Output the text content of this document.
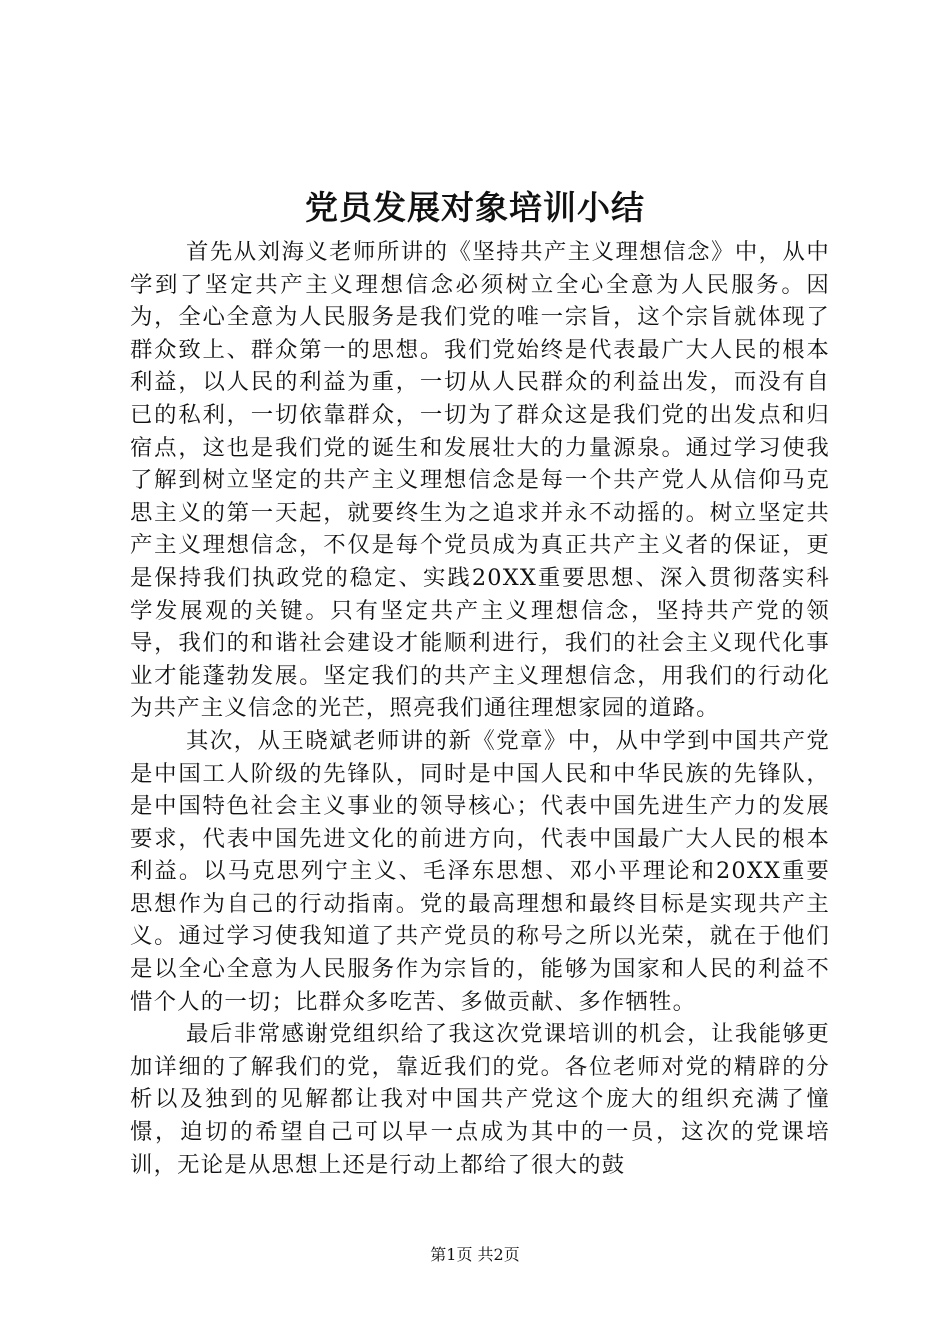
党员发展对象培训小结

首先从刘海义老师所讲的《坚持共产主义理想信念》中，从中学到了坚定共产主义理想信念必须树立全心全意为人民服务。因为，全心全意为人民服务是我们党的唯一宗旨，这个宗旨就体现了群众致上、群众第一的思想。我们党始终是代表最广大人民的根本利益，以人民的利益为重，一切从人民群众的利益出发，而没有自已的私利，一切依靠群众，一切为了群众这是我们党的出发点和归宿点，这也是我们党的诞生和发展壮大的力量源泉。通过学习使我了解到树立坚定的共产主义理想信念是每一个共产党人从信仰马克思主义的第一天起，就要终生为之追求并永不动摇的。树立坚定共产主义理想信念，不仅是每个党员成为真正共产主义者的保证，更是保持我们执政党的稳定、实践20XX重要思想、深入贯彻落实科学发展观的关键。只有坚定共产主义理想信念，坚持共产党的领导，我们的和谐社会建设才能顺利进行，我们的社会主义现代化事业才能蓬勃发展。坚定我们的共产主义理想信念，用我们的行动化为共产主义信念的光芒，照亮我们通往理想家园的道路。

其次，从王晓斌老师讲的新《党章》中，从中学到中国共产党是中国工人阶级的先锋队，同时是中国人民和中华民族的先锋队，是中国特色社会主义事业的领导核心；代表中国先进生产力的发展要求，代表中国先进文化的前进方向，代表中国最广大人民的根本利益。以马克思列宁主义、毛泽东思想、邓小平理论和20XX重要思想作为自己的行动指南。党的最高理想和最终目标是实现共产主义。通过学习使我知道了共产党员的称号之所以光荣，就在于他们是以全心全意为人民服务作为宗旨的，能够为国家和人民的利益不惜个人的一切；比群众多吃苦、多做贡献、多作牺牲。

最后非常感谢党组织给了我这次党课培训的机会，让我能够更加详细的了解我们的党，靠近我们的党。各位老师对党的精辟的分析以及独到的见解都让我对中国共产党这个庞大的组织充满了憧憬，迫切的希望自己可以早一点成为其中的一员，这次的党课培训，无论是从思想上还是行动上都给了很大的鼓

第1页 共2页
